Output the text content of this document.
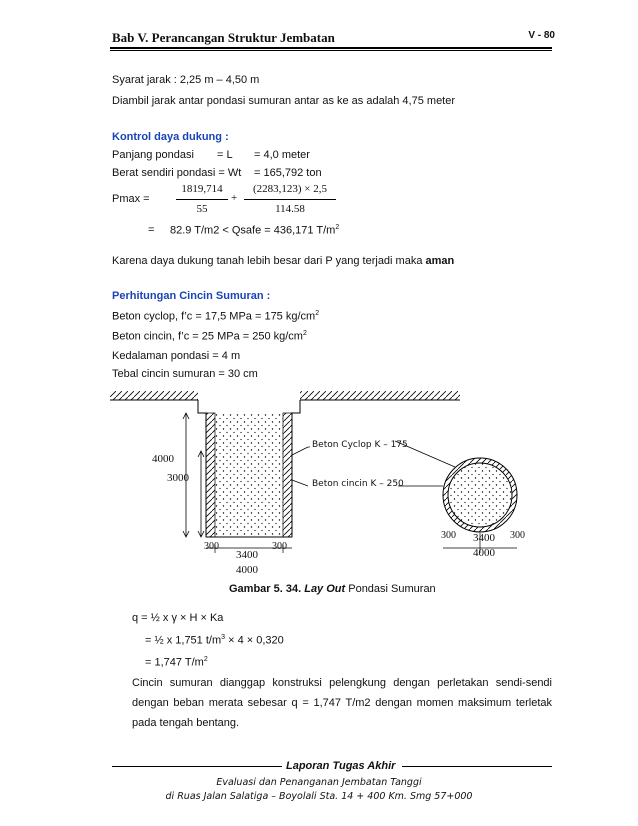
Bab V. Perancangan Struktur Jembatan	V - 80
Syarat jarak : 2,25 m – 4,50 m
Diambil jarak antar pondasi sumuran antar as ke as adalah 4,75 meter
Kontrol daya dukung :
Panjang pondasi = L = 4,0 meter
Berat sendiri pondasi = Wt = 165,792 ton
Pmax =
1819,714
55
+
(2283,123) × 2,5
114.58
= 82.9 T/m2 < Qsafe = 436,171 $T/m^2$
Karena daya dukung tanah lebih besar dari P yang terjadi maka aman
Perhitungan Cincin Sumuran :
Beton cyclop, f’c = 17,5 MPa = 175 $kg/cm^2$
Beton cincin, f’c = 25 MPa = 250 $kg/cm^2$
Kedalaman pondasi = 4 m
Tebal cincin sumuran = 30 cm
4000
3000
Beton Cyclop K – 175
Beton cincin K – 250
300	300
3400
4000
300	300
3400
4000
Gambar 5. 34. Lay Out Pondasi Sumuran
q = ½ x γ × H × Ka
= ½ x 1,751 $t/m^3 \times 4 \times 0,320$
= 1,747 $T/m^2$
Cincin sumuran dianggap konstruksi pelengkung dengan perletakan sendi-sendi
dengan beban merata sebesar q = 1,747 T/m2 dengan momen maksimum terletak
pada tengah bentang.
Laporan Tugas Akhir
Evaluasi dan Penanganan Jembatan Tanggi
di Ruas Jalan Salatiga – Boyolali Sta. 14 + 400 Km. Smg 57+000
